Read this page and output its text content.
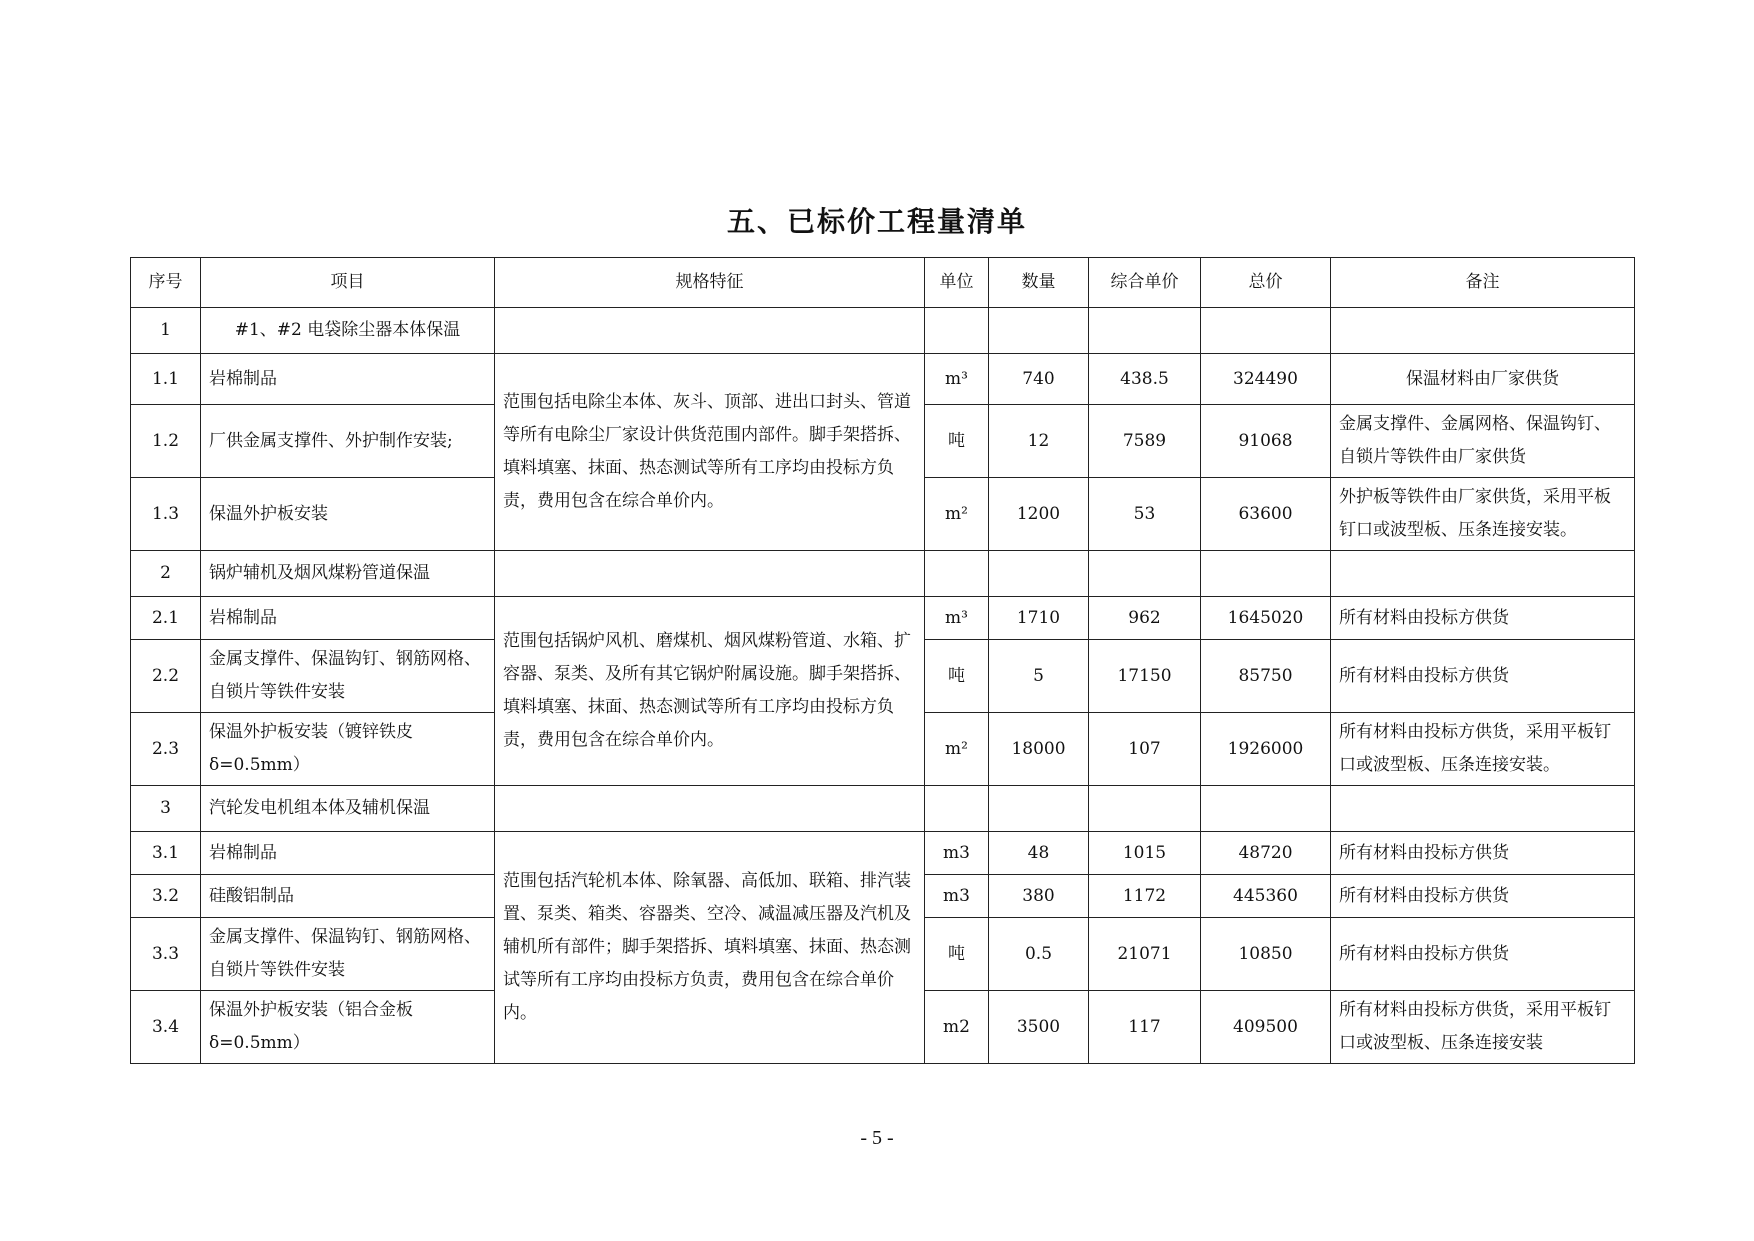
五、已标价工程量清单
序号	项目	规格特征	单位	数量	综合单价	总价	备注
1	#1、#2 电袋除尘器本体保温						
1.1	岩棉制品	范围包括电除尘本体、灰斗、顶部、进出口封头、管道等所有电除尘厂家设计供货范围内部件。脚手架搭拆、填料填塞、抹面、热态测试等所有工序均由投标方负责，费用包含在综合单价内。	m³	740	438.5	324490	保温材料由厂家供货
1.2	厂供金属支撑件、外护制作安装;		吨	12	7589	91068	金属支撑件、金属网格、保温钩钉、自锁片等铁件由厂家供货
1.3	保温外护板安装		m²	1200	53	63600	外护板等铁件由厂家供货，采用平板钉口或波型板、压条连接安装。
2	锅炉辅机及烟风煤粉管道保温						
2.1	岩棉制品	范围包括锅炉风机、磨煤机、烟风煤粉管道、水箱、扩容器、泵类、及所有其它锅炉附属设施。脚手架搭拆、填料填塞、抹面、热态测试等所有工序均由投标方负责，费用包含在综合单价内。	m³	1710	962	1645020	所有材料由投标方供货
2.2	金属支撑件、保温钩钉、钢筋网格、自锁片等铁件安装		吨	5	17150	85750	所有材料由投标方供货
2.3	保温外护板安装（镀锌铁皮 δ=0.5mm）		m²	18000	107	1926000	所有材料由投标方供货，采用平板钉口或波型板、压条连接安装。
3	汽轮发电机组本体及辅机保温						
3.1	岩棉制品	范围包括汽轮机本体、除氧器、高低加、联箱、排汽装置、泵类、箱类、容器类、空冷、减温减压器及汽机及辅机所有部件；脚手架搭拆、填料填塞、抹面、热态测试等所有工序均由投标方负责，费用包含在综合单价内。	m3	48	1015	48720	所有材料由投标方供货
3.2	硅酸铝制品		m3	380	1172	445360	所有材料由投标方供货
3.3	金属支撑件、保温钩钉、钢筋网格、自锁片等铁件安装		吨	0.5	21071	10850	所有材料由投标方供货
3.4	保温外护板安装（铝合金板 δ=0.5mm）		m2	3500	117	409500	所有材料由投标方供货，采用平板钉口或波型板、压条连接安装
- 5 -
